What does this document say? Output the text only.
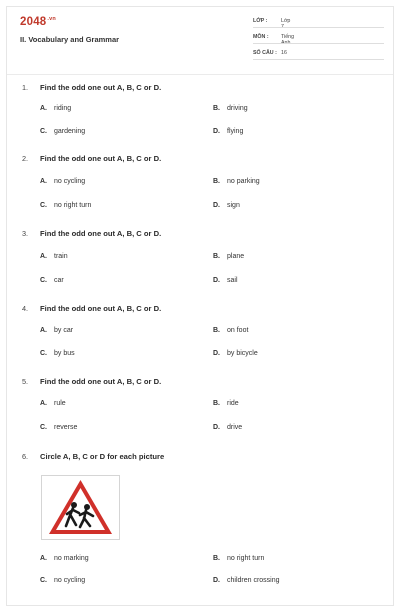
$2048^{.vn}$
II. Vocabulary and Grammar
LỚP :	Lớp
MÔN : Tiếng
SỐ CÂU : 16
1. Find the odd one out A, B, C or D.
A. riding	B. driving
C. gardening	D. flying
2. Find the odd one out A, B, C or D.
A. no cycling	B. no parking
C. no right turn	D. sign
3. Find the odd one out A, B, C or D.
A. train	B. plane
C. car	D. sail
4. Find the odd one out A, B, C or D.
A. by car	B. on foot
C. by bus	D. by bicycle
5. Find the odd one out A, B, C or D.
A. rule	B. ride
C. reverse	D. drive
6. Circle A, B, C or D for each picture
A. no marking	B. no right turn
C. no cycling	D. children crossing
